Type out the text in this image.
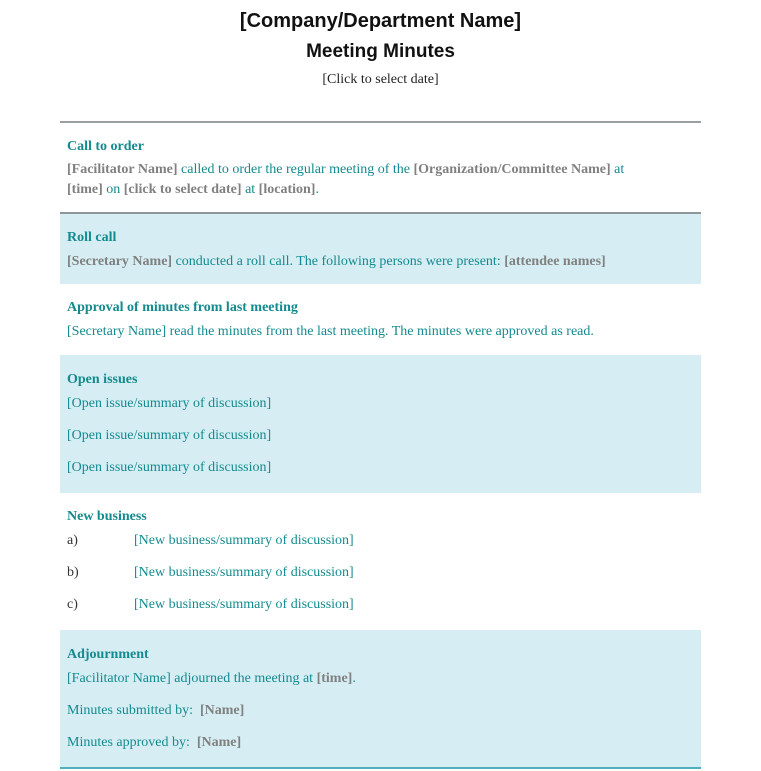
[Company/Department Name]
Meeting Minutes
[Click to select date]
Call to order
[Facilitator Name] called to order the regular meeting of the [Organization/Committee Name] at
[time] on [click to select date] at [location].
Roll call
[Secretary Name] conducted a roll call. The following persons were present: [attendee names]
Approval of minutes from last meeting
[Secretary Name] read the minutes from the last meeting. The minutes were approved as read.
Open issues
[Open issue/summary of discussion]
[Open issue/summary of discussion]
[Open issue/summary of discussion]
New business
a)	[New business/summary of discussion]
b)	[New business/summary of discussion]
c)	[New business/summary of discussion]
Adjournment
[Facilitator Name] adjourned the meeting at [time].
Minutes submitted by:  [Name]
Minutes approved by:  [Name]
